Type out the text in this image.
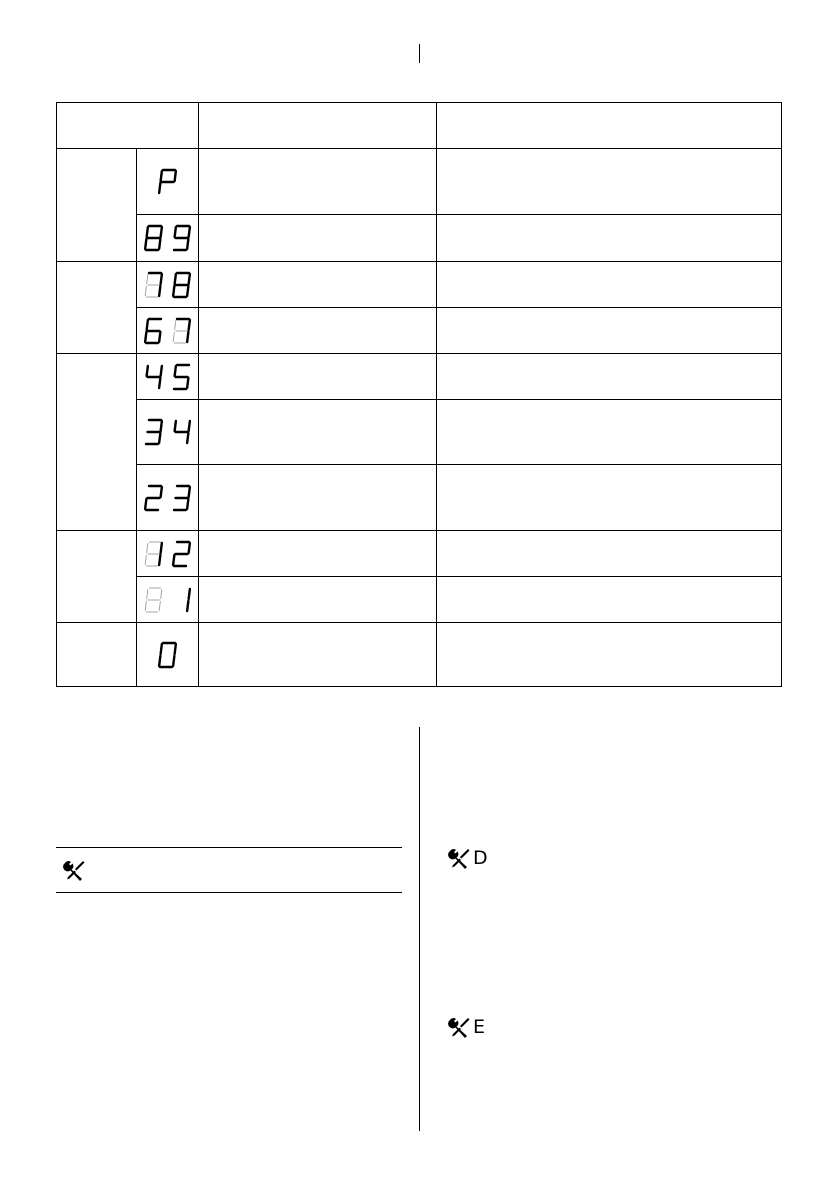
D
E
